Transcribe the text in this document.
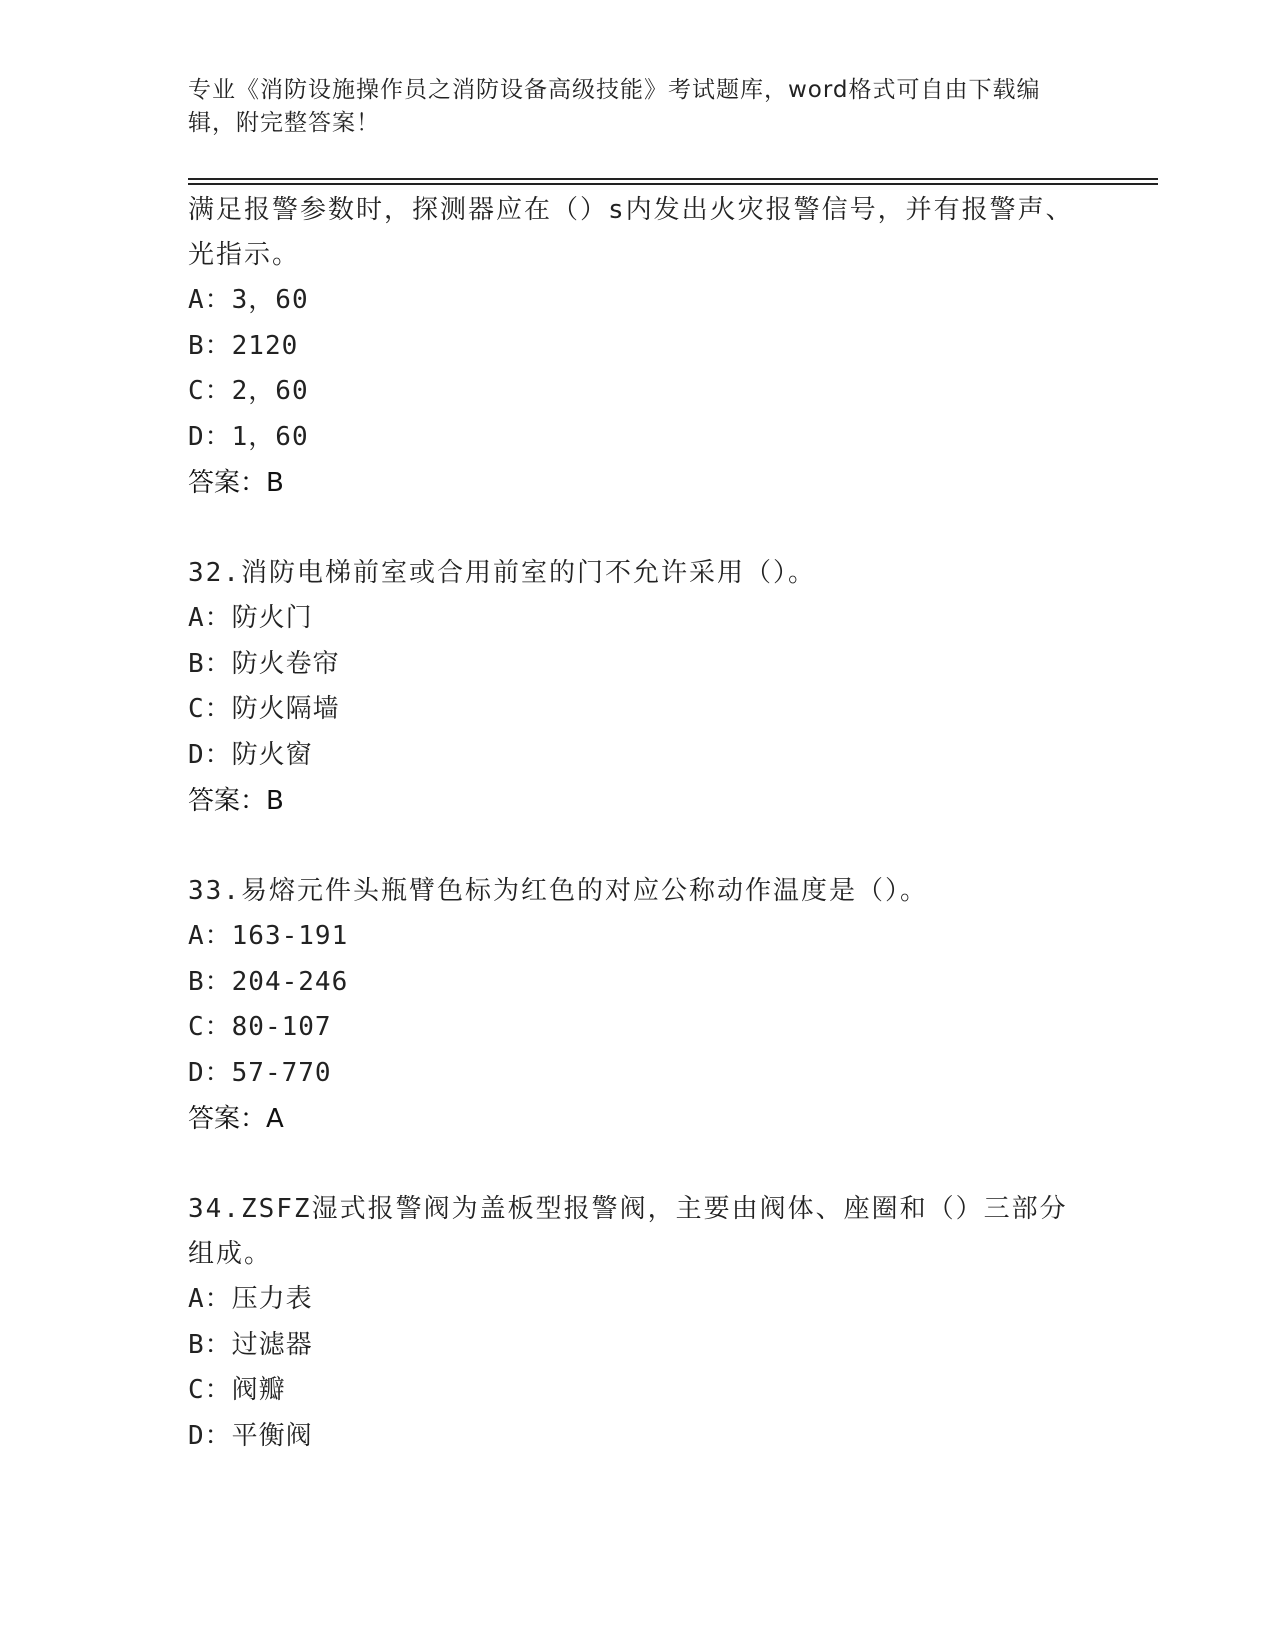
专业《消防设施操作员之消防设备高级技能》考试题库，word格式可自由下载编辑，附完整答案！

满足报警参数时，探测器应在（）s内发出火灾报警信号，并有报警声、光指示。

A：3，60

B：2120

C：2，60

D：1，60

答案：B

32.消防电梯前室或合用前室的门不允许采用（）。

A：防火门

B：防火卷帘

C：防火隔墙

D：防火窗

答案：B

33.易熔元件头瓶臂色标为红色的对应公称动作温度是（）。

A：163-191

B：204-246

C：80-107

D：57-770

答案：A

34.ZSFZ湿式报警阀为盖板型报警阀，主要由阀体、座圈和（）三部分组成。

A：压力表

B：过滤器

C：阀瓣

D：平衡阀
